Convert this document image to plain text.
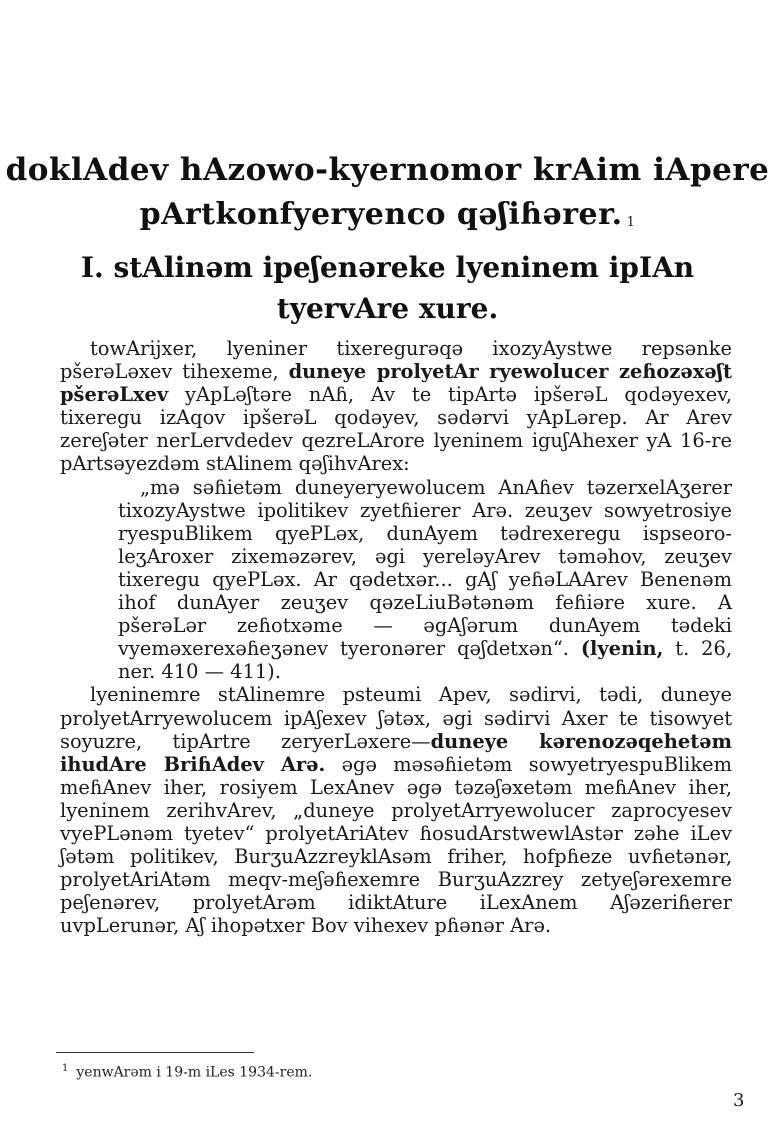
doklAdev hAzowo-kyernomor krAim iApere
pArtkonfyeryenco qəʃiɦərer. $_1$
I. stAlinəm ipeʃenəreke lyeninem ipIAn
tyervAre xure.

towArijxer, lyeniner tixeregurəqə ixozyAystwe repsənke pšerəLəxev tihexeme, duneye prolyetAr ryewolucer zeɦozəxəʃt pšerəLxev yApLəʃtəre nAɦ, Av te tipArtə ipšerəL qodəyexev, tixeregu izAqov ipšerəL qodəyev, sədərvi yApLərep. Ar Arev zereʃəter nerLervdedev qezreLArore lyeninem iguʃAhexer yA 16-re pArtsəyezdəm stAlinem qəʃihvArex:

„mə səɦietəm duneyeryewolucem AnAɦev təzerxelAʒerer tixozyAystwe ipolitikev zyetɦierer Arə. zeuʒev sowyetrosiye ryespuBlikem qyePLəx, dunAyem tədrexeregu ispseoro-leʒAroxer zixeməzərev, əgi yereləyArev təməhov, zeuʒev tixeregu qyePLəx. Ar qədetxər... gAʃ yeɦəLAArev Benenəm ihof dunAyer zeuʒev qəzeLiuBətənəm feɦiəre xure. A pšerəLər zeɦotxəme — əgAʃərum dunAyem tədeki vyeməxerexəɦeʒənev tyeronərer qəʃdetxən“. (lyenin, t. 26, ner. 410 — 411).

lyeninemre stAlinemre psteumi Apev, sədirvi, tədi, duneye prolyetArryewolucem ipAʃexev ʃətəx, əgi sədirvi Axer te tisowyet soyuzre, tipArtre zeryerLəxere—duneye kərenozəqehetəm ihudAre BriɦAdev Arə. əgə məsəɦietəm sowyetryespuBlikem meɦAnev iher, rosiyem LexAnev əgə təzəʃəxetəm meɦAnev iher, lyeninem zerihvArev, „duneye prolyetArryewolucer zaprocyesev vyePLənəm tyetev“ prolyetAriAtev ɦosudArstwewlAstər zəhe iLev ʃətəm politikev, BurʒuAzzreyklAsəm friher, hofpɦeze uvɦetənər, prolyetAriAtəm meqv-meʃəɦexemre BurʒuAzzrey zetyeʃərexemre peʃenərev, prolyetArəm idiktAture iLexAnem Aʃəzeriɦerer uvpLerunər, Aʃ ihopətxer Bov vihexev pɦənər Arə.

$^1$ yenwArəm i 19-m iLes 1934-rem.
3
